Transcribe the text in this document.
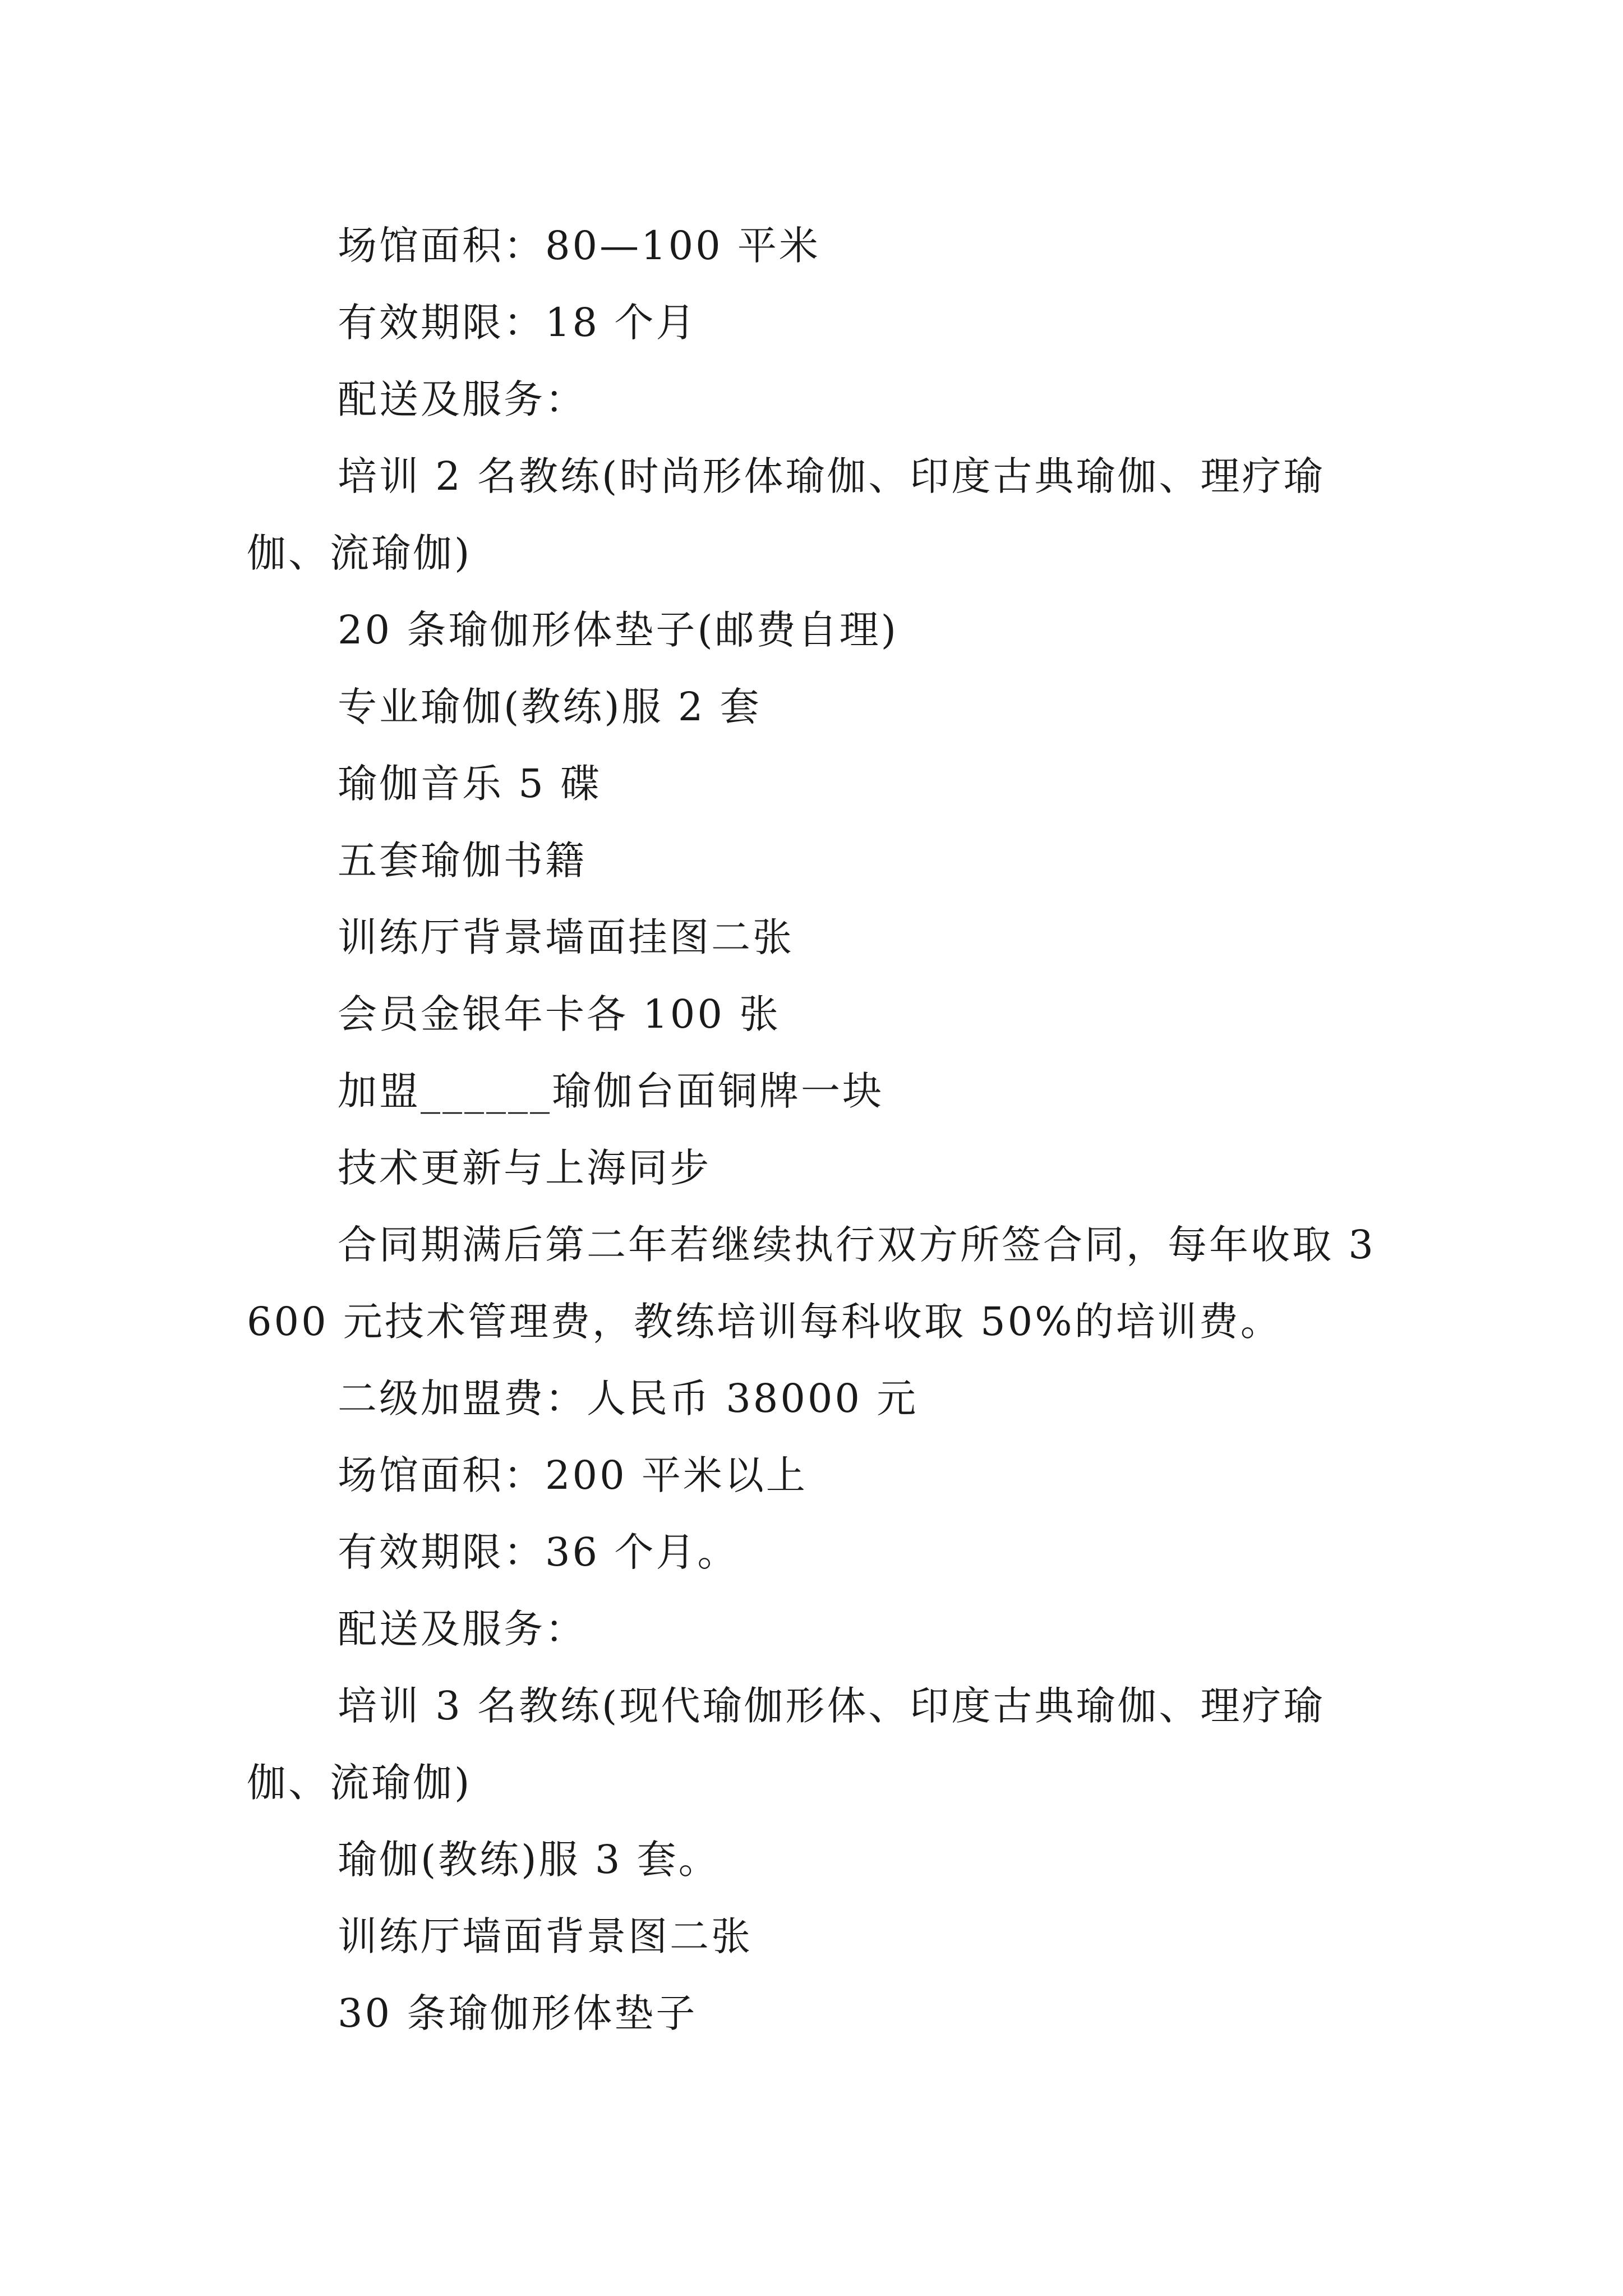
场馆面积：80—100 平米

有效期限：18 个月

配送及服务：

培训 2 名教练(时尚形体瑜伽、印度古典瑜伽、理疗瑜伽、流瑜伽)

20 条瑜伽形体垫子(邮费自理)

专业瑜伽(教练)服 2 套

瑜伽音乐 5 碟

五套瑜伽书籍

训练厅背景墙面挂图二张

会员金银年卡各 100 张

加盟______瑜伽台面铜牌一块

技术更新与上海同步

合同期满后第二年若继续执行双方所签合同，每年收取 3600 元技术管理费，教练培训每科收取 50%的培训费。

二级加盟费：人民币 38000 元

场馆面积：200 平米以上

有效期限：36 个月。

配送及服务：

培训 3 名教练(现代瑜伽形体、印度古典瑜伽、理疗瑜伽、流瑜伽)

瑜伽(教练)服 3 套。

训练厅墙面背景图二张

30 条瑜伽形体垫子
